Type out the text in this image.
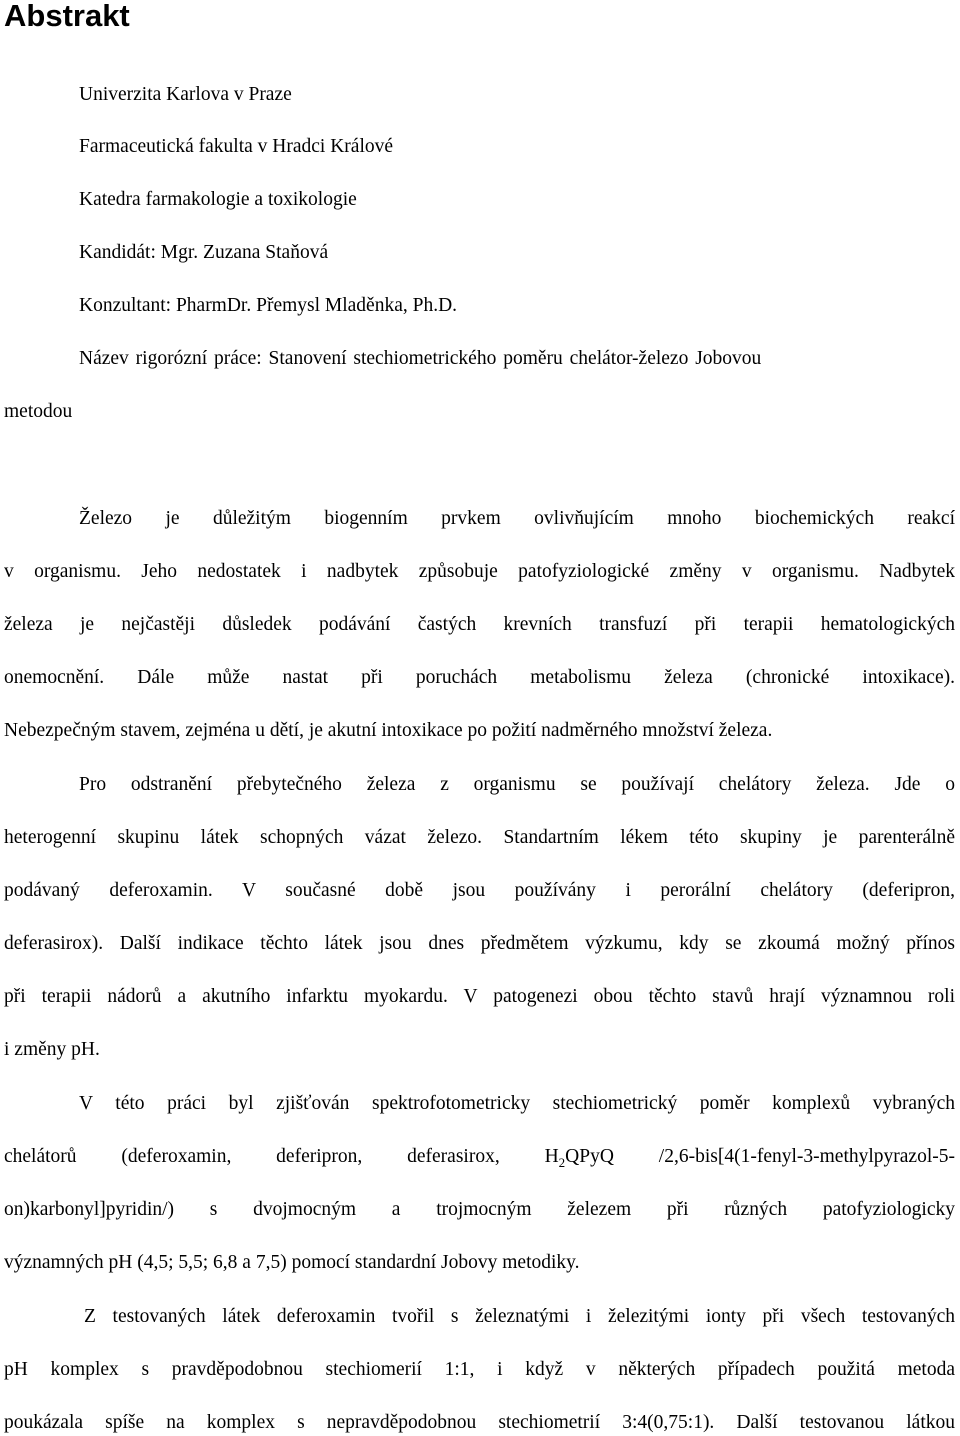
Abstrakt
Univerzita Karlova v Praze
Farmaceutická fakulta v Hradci Králové
Katedra farmakologie a toxikologie
Kandidát: Mgr. Zuzana Staňová
Konzultant: PharmDr. Přemysl Mladěnka, Ph.D.
Název rigorózní práce: Stanovení stechiometrického poměru chelátor-železo Jobovou
metodou
Železo je důležitým biogenním prvkem ovlivňujícím mnoho biochemických reakcí
v organismu. Jeho nedostatek i nadbytek způsobuje patofyziologické změny v organismu. Nadbytek
železa je nejčastěji důsledek podávání častých krevních transfuzí při terapii hematologických
onemocnění. Dále může nastat při poruchách metabolismu železa (chronické intoxikace).
Nebezpečným stavem, zejména u dětí, je akutní intoxikace po požití nadměrného množství železa.
Pro odstranění přebytečného železa z organismu se používají chelátory železa. Jde o
heterogenní skupinu látek schopných vázat železo. Standartním lékem této skupiny je parenterálně
podávaný deferoxamin. V současné době jsou používány i perorální chelátory (deferipron,
deferasirox). Další indikace těchto látek jsou dnes předmětem výzkumu, kdy se zkoumá možný přínos
při terapii nádorů a akutního infarktu myokardu. V patogenezi obou těchto stavů hrají významnou roli
i změny pH.
V této práci byl zjišťován spektrofotometricky stechiometrický poměr komplexů vybraných
chelátorů (deferoxamin, deferipron, deferasirox, $H_2QPyQ$ /2,6-bis[4(1-fenyl-3-methylpyrazol-5-
on)karbonyl]pyridin/) s dvojmocným a trojmocným železem při různých patofyziologicky
významných pH (4,5; 5,5; 6,8 a 7,5) pomocí standardní Jobovy metodiky.
Z testovaných látek deferoxamin tvořil s železnatými i železitými ionty při všech testovaných
pH komplex s pravděpodobnou stechiomerií 1:1, i když v některých případech použitá metoda
poukázala spíše na komplex s nepravděpodobnou stechiometrií 3:4(0,75:1). Další testovanou látkou
